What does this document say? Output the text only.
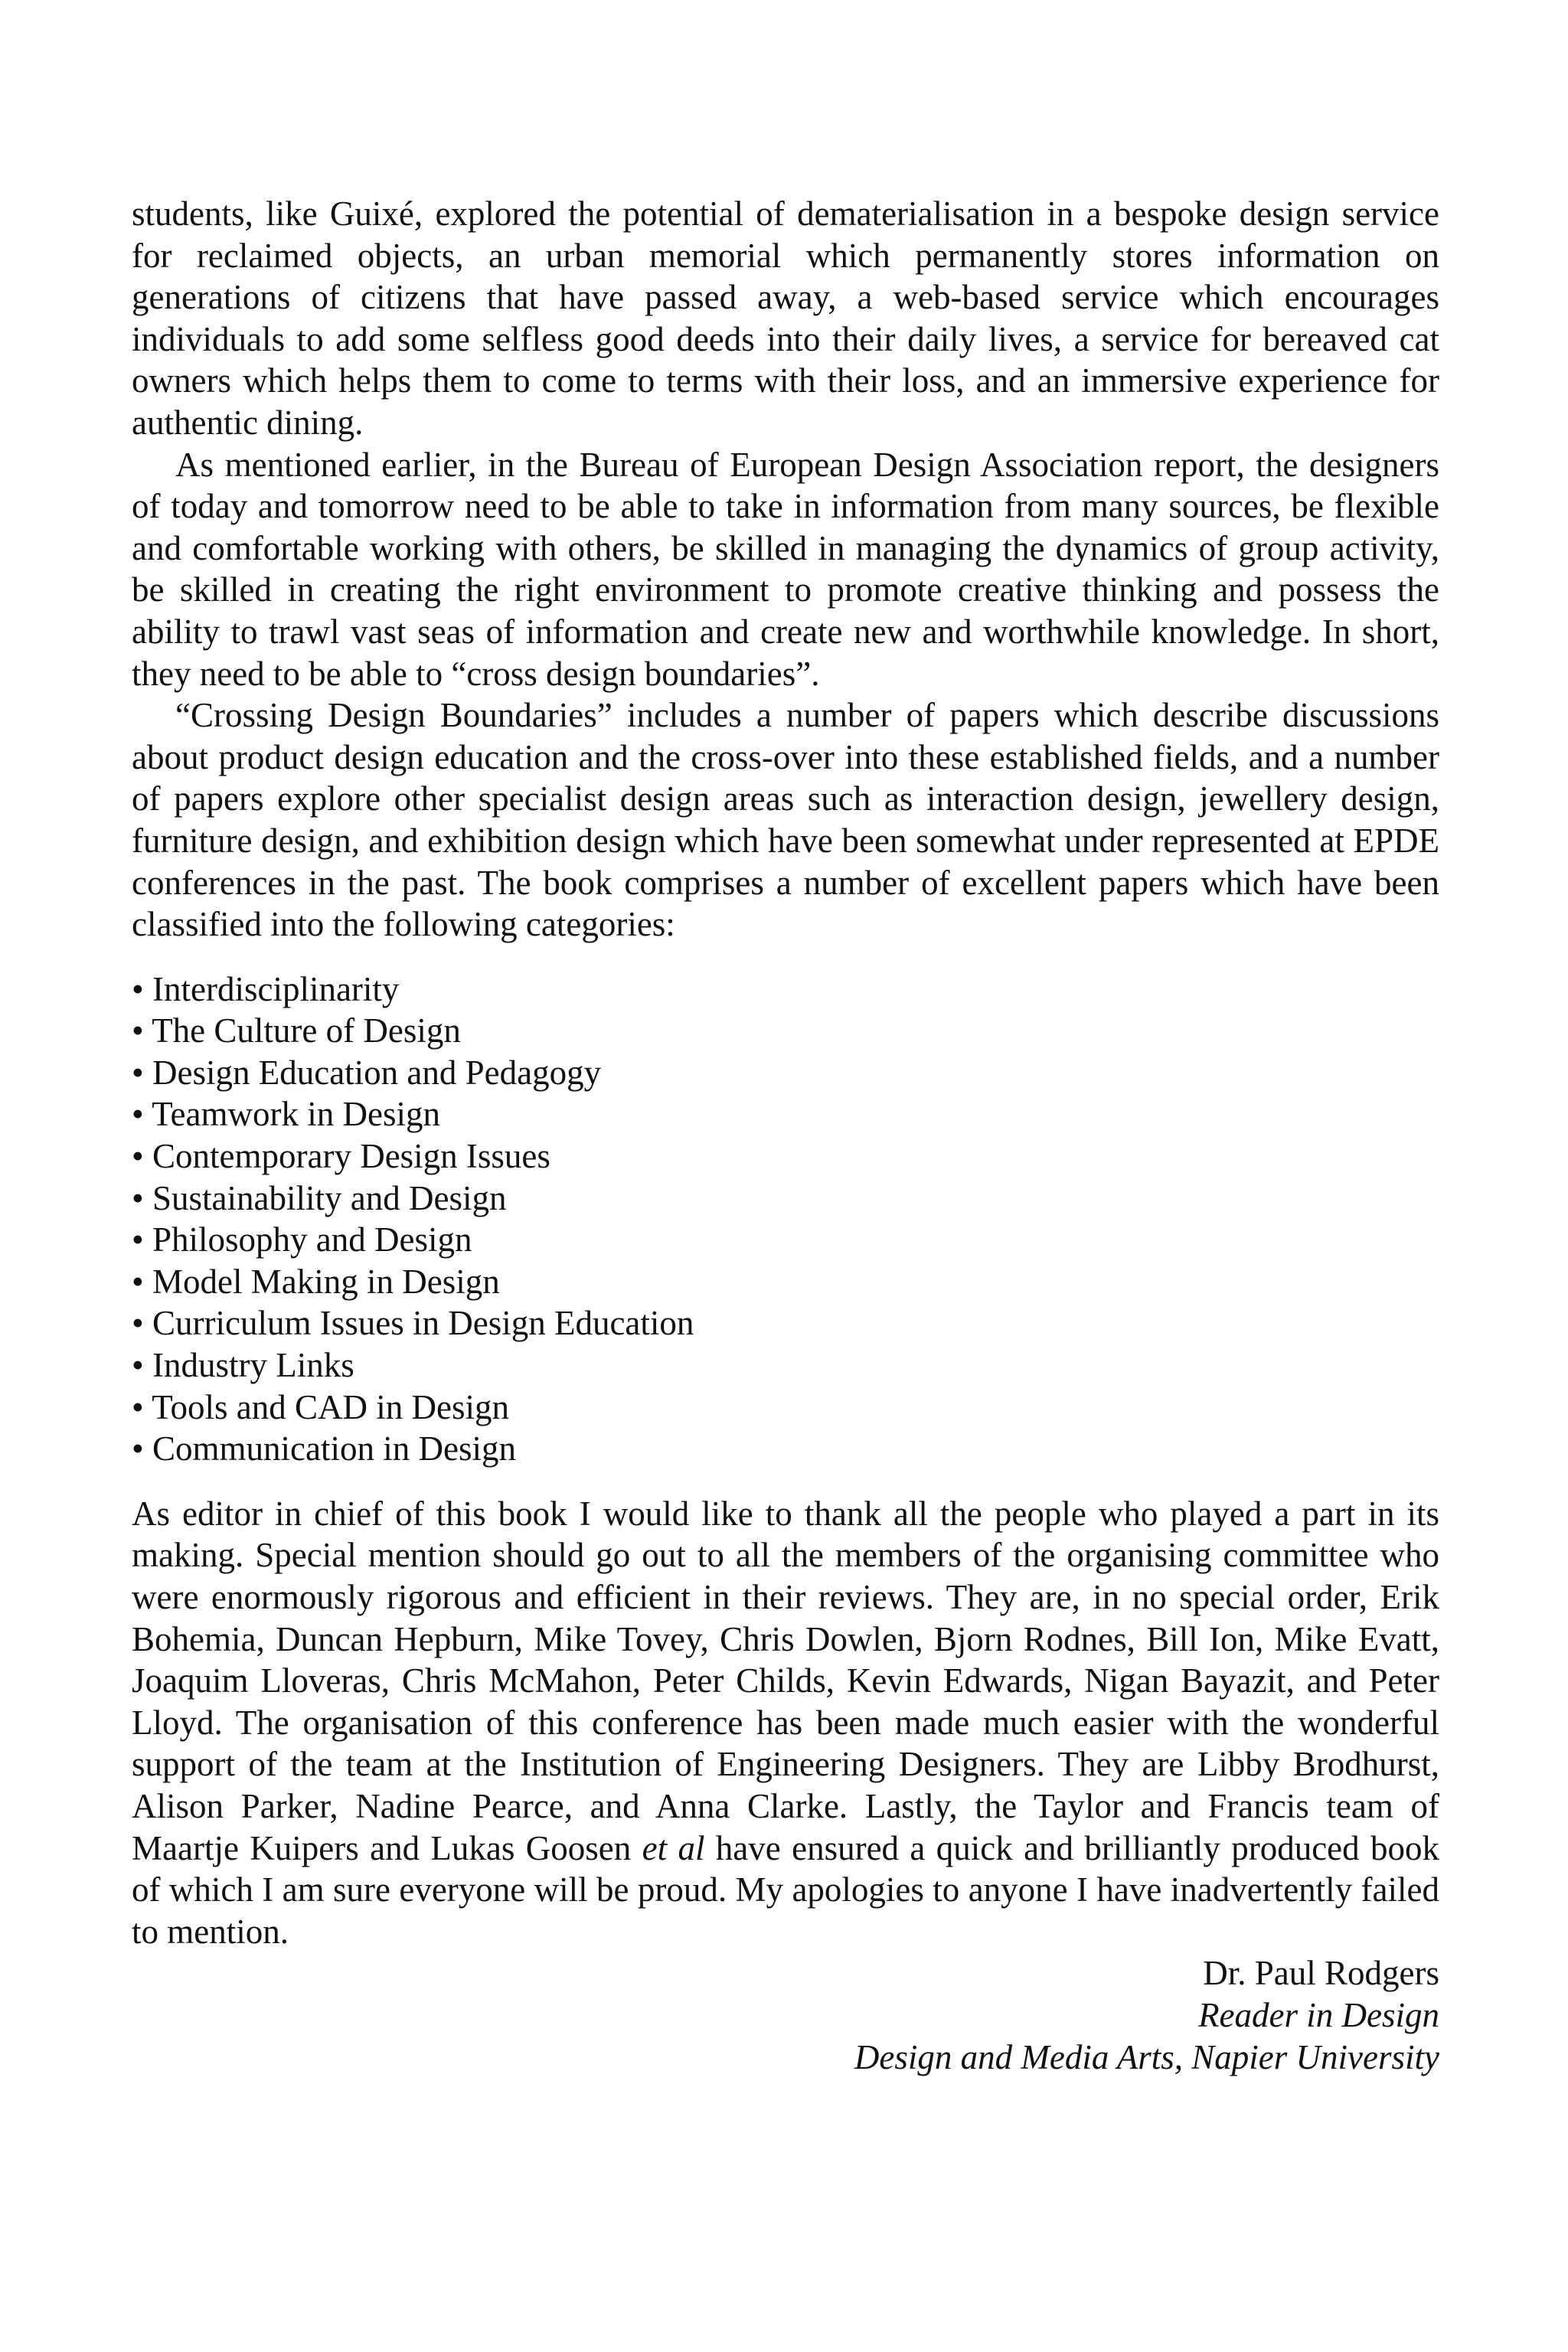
students, like Guixé, explored the potential of dematerialisation in a bespoke design service for reclaimed objects, an urban memorial which permanently stores information on generations of citizens that have passed away, a web-based service which encourages individuals to add some selfless good deeds into their daily lives, a service for bereaved cat owners which helps them to come to terms with their loss, and an immersive experience for authentic dining.

As mentioned earlier, in the Bureau of European Design Association report, the designers of today and tomorrow need to be able to take in information from many sources, be flexible and comfortable working with others, be skilled in managing the dynamics of group activity, be skilled in creating the right environment to promote creative thinking and possess the ability to trawl vast seas of information and create new and worthwhile knowledge. In short, they need to be able to “cross design boundaries”.

“Crossing Design Boundaries” includes a number of papers which describe discussions about product design education and the cross-over into these established fields, and a number of papers explore other specialist design areas such as interaction design, jewellery design, furniture design, and exhibition design which have been somewhat under represented at EPDE conferences in the past. The book comprises a number of excellent papers which have been classified into the following categories:

• Interdisciplinarity
• The Culture of Design
• Design Education and Pedagogy
• Teamwork in Design
• Contemporary Design Issues
• Sustainability and Design
• Philosophy and Design
• Model Making in Design
• Curriculum Issues in Design Education
• Industry Links
• Tools and CAD in Design
• Communication in Design

As editor in chief of this book I would like to thank all the people who played a part in its making. Special mention should go out to all the members of the organising committee who were enormously rigorous and efficient in their reviews. They are, in no special order, Erik Bohemia, Duncan Hepburn, Mike Tovey, Chris Dowlen, Bjorn Rodnes, Bill Ion, Mike Evatt, Joaquim Lloveras, Chris McMahon, Peter Childs, Kevin Edwards, Nigan Bayazit, and Peter Lloyd. The organisation of this conference has been made much easier with the wonderful support of the team at the Institution of Engineering Designers. They are Libby Brodhurst, Alison Parker, Nadine Pearce, and Anna Clarke. Lastly, the Taylor and Francis team of Maartje Kuipers and Lukas Goosen et al have ensured a quick and brilliantly produced book of which I am sure everyone will be proud. My apologies to anyone I have inadvertently failed to mention.

Dr. Paul Rodgers
Reader in Design
Design and Media Arts, Napier University
